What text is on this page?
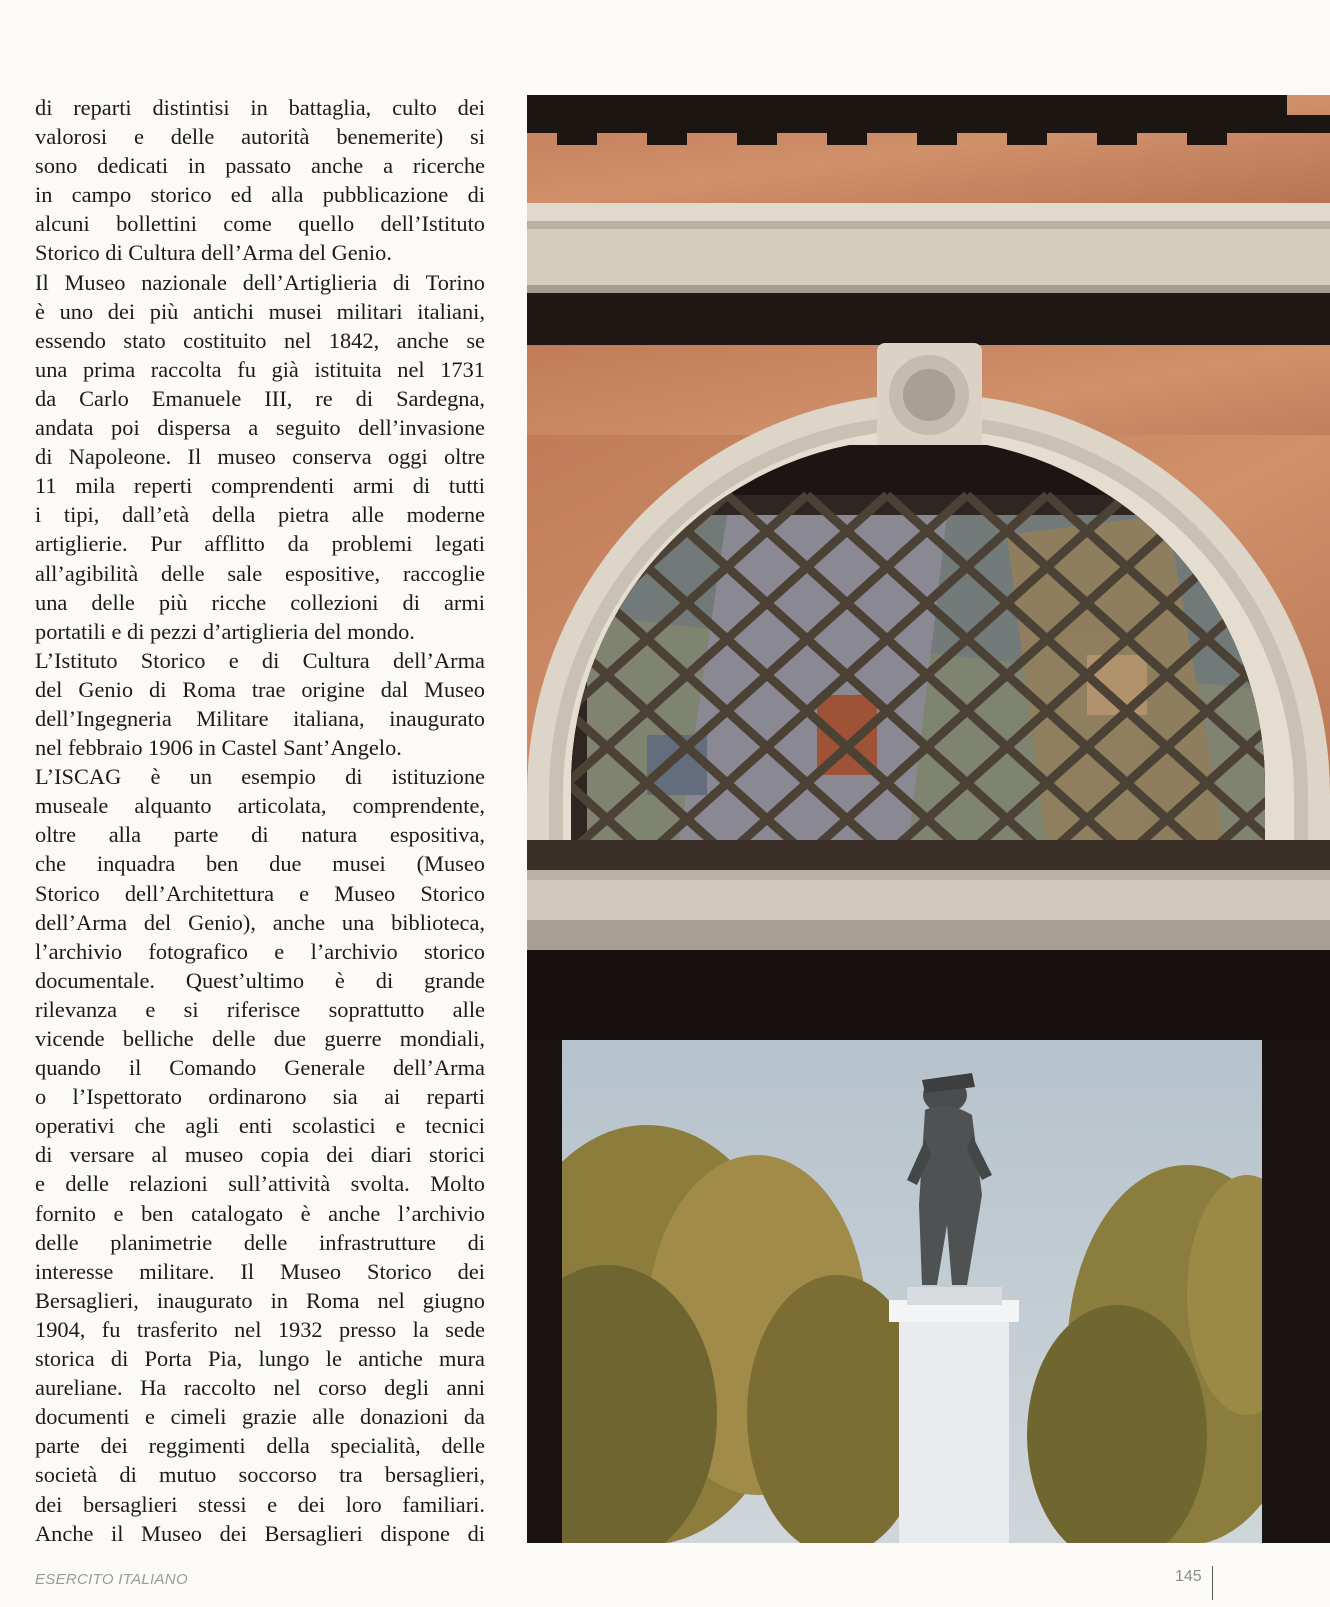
di reparti distintisi in battaglia, culto dei
valorosi e delle autorità benemerite) si
sono dedicati in passato anche a ricerche
in campo storico ed alla pubblicazione di
alcuni bollettini come quello dell’Istituto
Storico di Cultura dell’Arma del Genio.
Il Museo nazionale dell’Artiglieria di Torino
è uno dei più antichi musei militari italiani,
essendo stato costituito nel 1842, anche se
una prima raccolta fu già istituita nel 1731
da Carlo Emanuele III, re di Sardegna,
andata poi dispersa a seguito dell’invasione
di Napoleone. Il museo conserva oggi oltre
11 mila reperti comprendenti armi di tutti
i tipi, dall’età della pietra alle moderne
artiglierie. Pur afflitto da problemi legati
all’agibilità delle sale espositive, raccoglie
una delle più ricche collezioni di armi
portatili e di pezzi d’artiglieria del mondo.
L’Istituto Storico e di Cultura dell’Arma
del Genio di Roma trae origine dal Museo
dell’Ingegneria Militare italiana, inaugurato
nel febbraio 1906 in Castel Sant’Angelo.
L’ISCAG è un esempio di istituzione
museale alquanto articolata, comprendente,
oltre alla parte di natura espositiva,
che inquadra ben due musei (Museo
Storico dell’Architettura e Museo Storico
dell’Arma del Genio), anche una biblioteca,
l’archivio fotografico e l’archivio storico
documentale. Quest’ultimo è di grande
rilevanza e si riferisce soprattutto alle
vicende belliche delle due guerre mondiali,
quando il Comando Generale dell’Arma
o l’Ispettorato ordinarono sia ai reparti
operativi che agli enti scolastici e tecnici
di versare al museo copia dei diari storici
e delle relazioni sull’attività svolta. Molto
fornito e ben catalogato è anche l’archivio
delle planimetrie delle infrastrutture di
interesse militare. Il Museo Storico dei
Bersaglieri, inaugurato in Roma nel giugno
1904, fu trasferito nel 1932 presso la sede
storica di Porta Pia, lungo le antiche mura
aureliane. Ha raccolto nel corso degli anni
documenti e cimeli grazie alle donazioni da
parte dei reggimenti della specialità, delle
società di mutuo soccorso tra bersaglieri,
dei bersaglieri stessi e dei loro familiari.
Anche il Museo dei Bersaglieri dispone di
ESERCITO ITALIANO	145
